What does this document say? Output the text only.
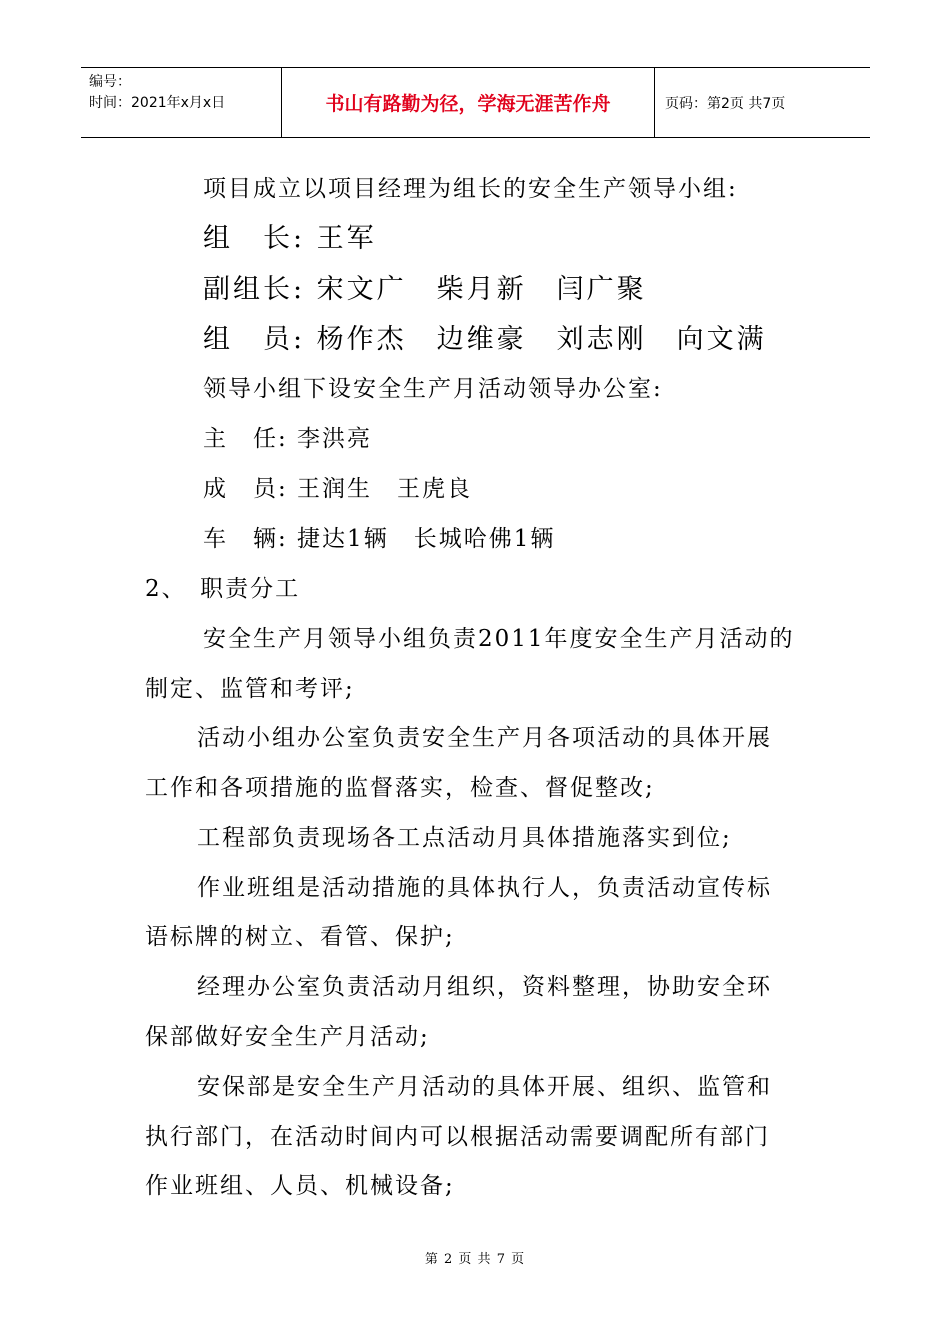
编号：
时间：2021年x月x日	书山有路勤为径，学海无涯苦作舟	页码：第2页 共7页
项目成立以项目经理为组长的安全生产领导小组:
组　长: 王军
副组长: 宋文广　柴月新　闫广聚
组　员: 杨作杰　边维豪　刘志刚　向文满
领导小组下设安全生产月活动领导办公室:
主　任: 李洪亮
成　员: 王润生　王虎良
车　辆: 捷达1辆　长城哈佛1辆
2、　职责分工
安全生产月领导小组负责2011年度安全生产月活动的
制定、监管和考评;
活动小组办公室负责安全生产月各项活动的具体开展
工作和各项措施的监督落实，检查、督促整改;
工程部负责现场各工点活动月具体措施落实到位;
作业班组是活动措施的具体执行人，负责活动宣传标
语标牌的树立、看管、保护;
经理办公室负责活动月组织，资料整理，协助安全环
保部做好安全生产月活动;
安保部是安全生产月活动的具体开展、组织、监管和
执行部门，在活动时间内可以根据活动需要调配所有部门
作业班组、人员、机械设备;
第 2 页 共 7 页
